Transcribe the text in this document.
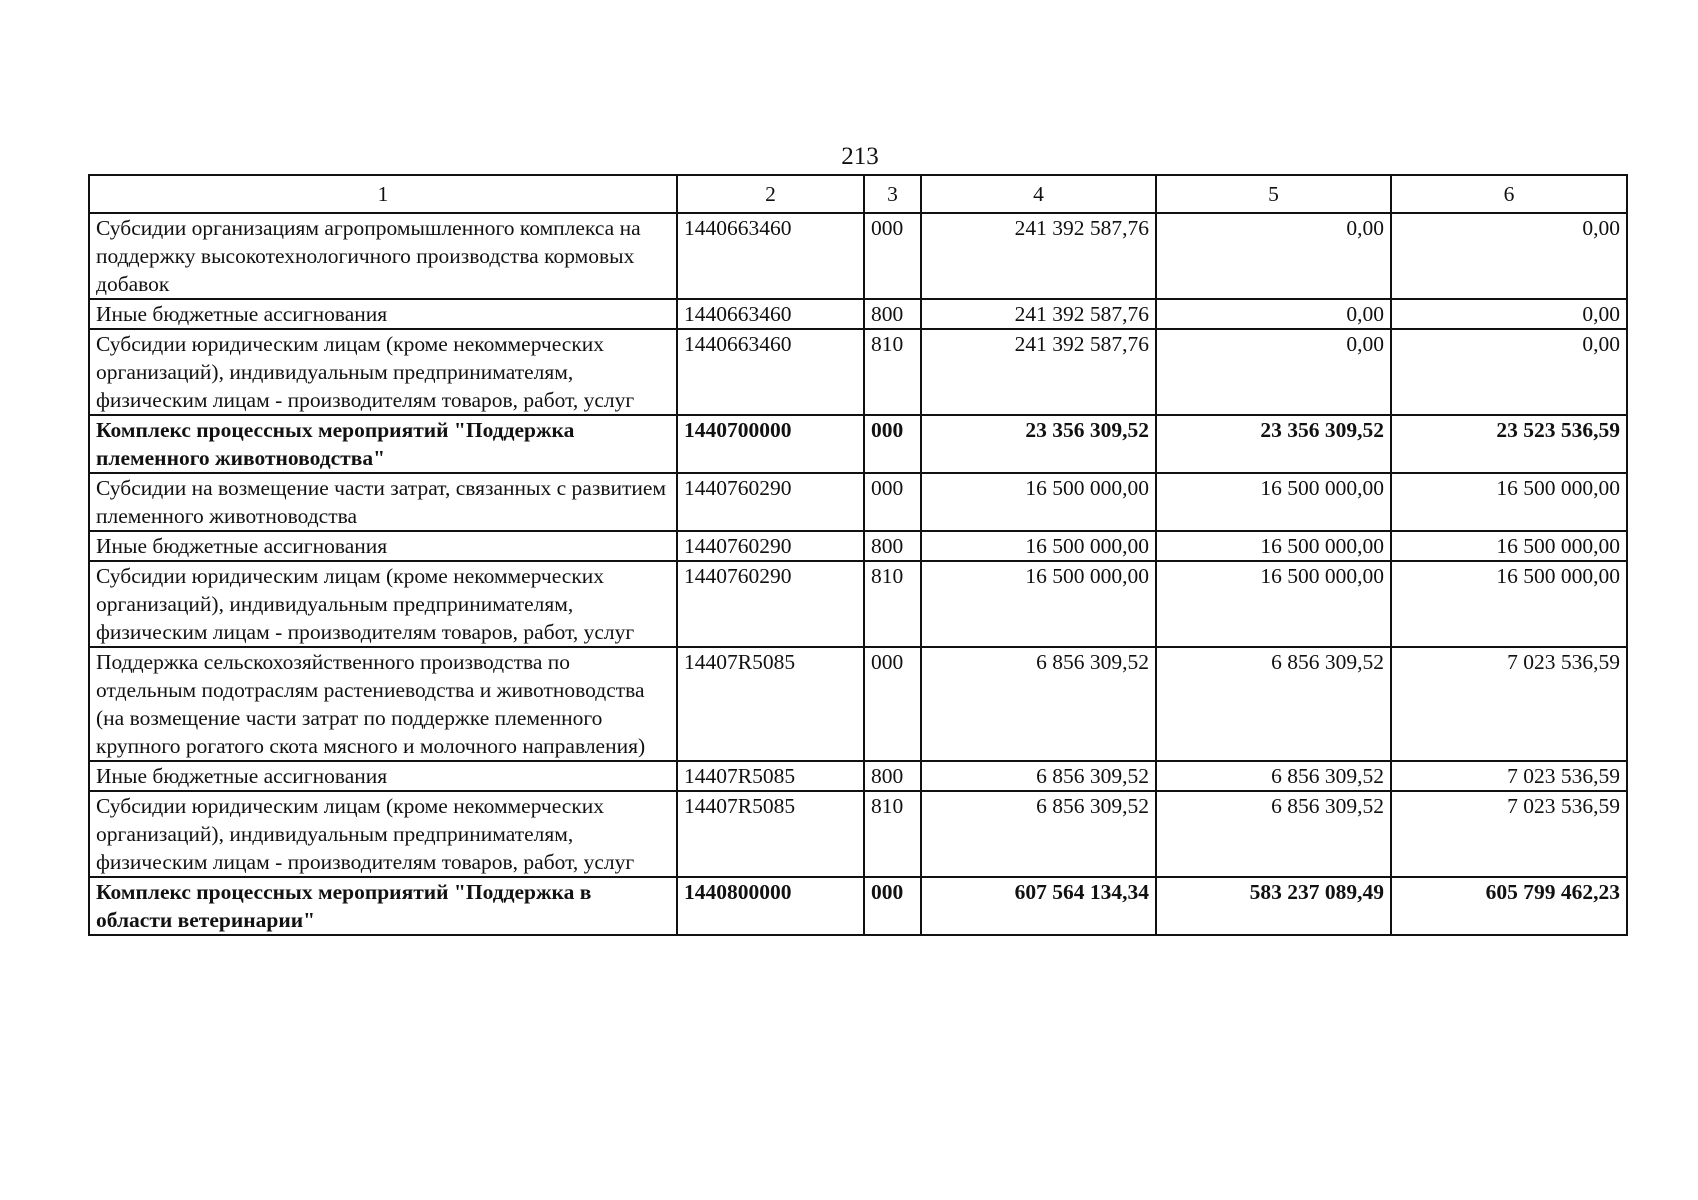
213
1	2	3	4	5	6
Субсидии организациям агропромышленного комплекса на поддержку высокотехнологичного производства кормовых добавок	1440663460	000	241 392 587,76	0,00	0,00
Иные бюджетные ассигнования	1440663460	800	241 392 587,76	0,00	0,00
Субсидии юридическим лицам (кроме некоммерческих организаций), индивидуальным предпринимателям, физическим лицам - производителям товаров, работ, услуг	1440663460	810	241 392 587,76	0,00	0,00
Комплекс процессных мероприятий "Поддержка племенного животноводства"	1440700000	000	23 356 309,52	23 356 309,52	23 523 536,59
Субсидии на возмещение части затрат, связанных с развитием племенного животноводства	1440760290	000	16 500 000,00	16 500 000,00	16 500 000,00
Иные бюджетные ассигнования	1440760290	800	16 500 000,00	16 500 000,00	16 500 000,00
Субсидии юридическим лицам (кроме некоммерческих организаций), индивидуальным предпринимателям, физическим лицам - производителям товаров, работ, услуг	1440760290	810	16 500 000,00	16 500 000,00	16 500 000,00
Поддержка сельскохозяйственного производства по отдельным подотраслям растениеводства и животноводства (на возмещение части затрат по поддержке племенного крупного рогатого скота мясного и молочного направления)	14407R5085	000	6 856 309,52	6 856 309,52	7 023 536,59
Иные бюджетные ассигнования	14407R5085	800	6 856 309,52	6 856 309,52	7 023 536,59
Субсидии юридическим лицам (кроме некоммерческих организаций), индивидуальным предпринимателям, физическим лицам - производителям товаров, работ, услуг	14407R5085	810	6 856 309,52	6 856 309,52	7 023 536,59
Комплекс процессных мероприятий "Поддержка в области ветеринарии"	1440800000	000	607 564 134,34	583 237 089,49	605 799 462,23
